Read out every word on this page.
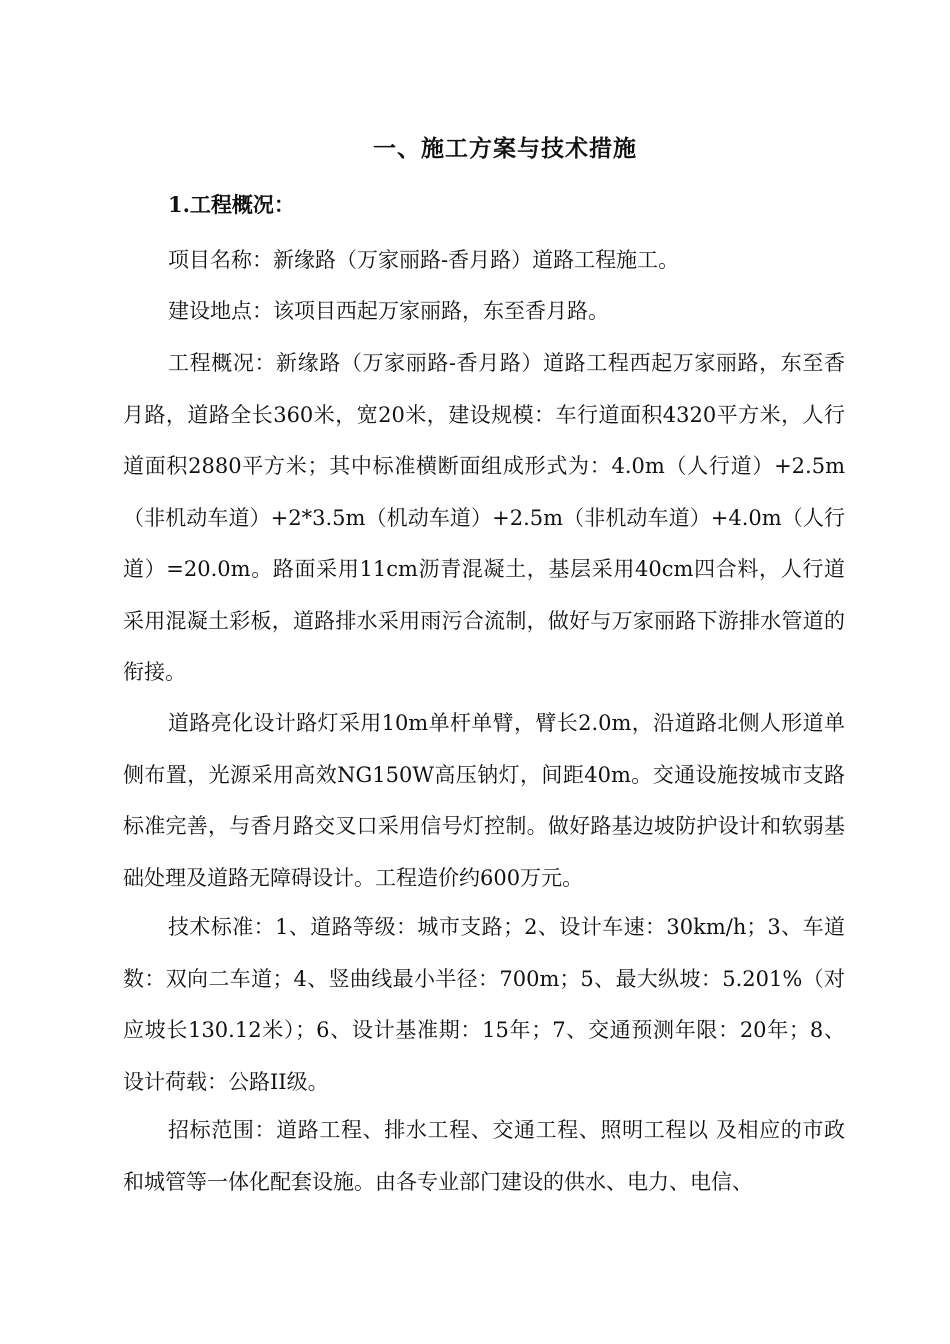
一、施工方案与技术措施
1.工程概况：

项目名称：新缘路（万家丽路-香月路）道路工程施工。

建设地点：该项目西起万家丽路，东至香月路。

工程概况：新缘路（万家丽路-香月路）道路工程西起万家丽路，东至香月路，道路全长360米，宽20米，建设规模：车行道面积4320平方米，人行道面积2880平方米；其中标准横断面组成形式为：4.0m（人行道）+2.5m（非机动车道）+2*3.5m（机动车道）+2.5m（非机动车道）+4.0m（人行道）=20.0m。路面采用11cm沥青混凝土，基层采用40cm四合料，人行道采用混凝土彩板，道路排水采用雨污合流制，做好与万家丽路下游排水管道的衔接。

道路亮化设计路灯采用10m单杆单臂，臂长2.0m，沿道路北侧人形道单侧布置，光源采用高效NG150W高压钠灯，间距40m。交通设施按城市支路标准完善，与香月路交叉口采用信号灯控制。做好路基边坡防护设计和软弱基础处理及道路无障碍设计。工程造价约600万元。

技术标准：1、道路等级：城市支路；2、设计车速：30km/h；3、车道数：双向二车道；4、竖曲线最小半径：700m；5、最大纵坡：5.201%（对应坡长130.12米）；6、设计基准期：15年；7、交通预测年限：20年；8、设计荷载：公路II级。

招标范围：道路工程、排水工程、交通工程、照明工程以 及相应的市政和城管等一体化配套设施。由各专业部门建设的供水、电力、电信、
